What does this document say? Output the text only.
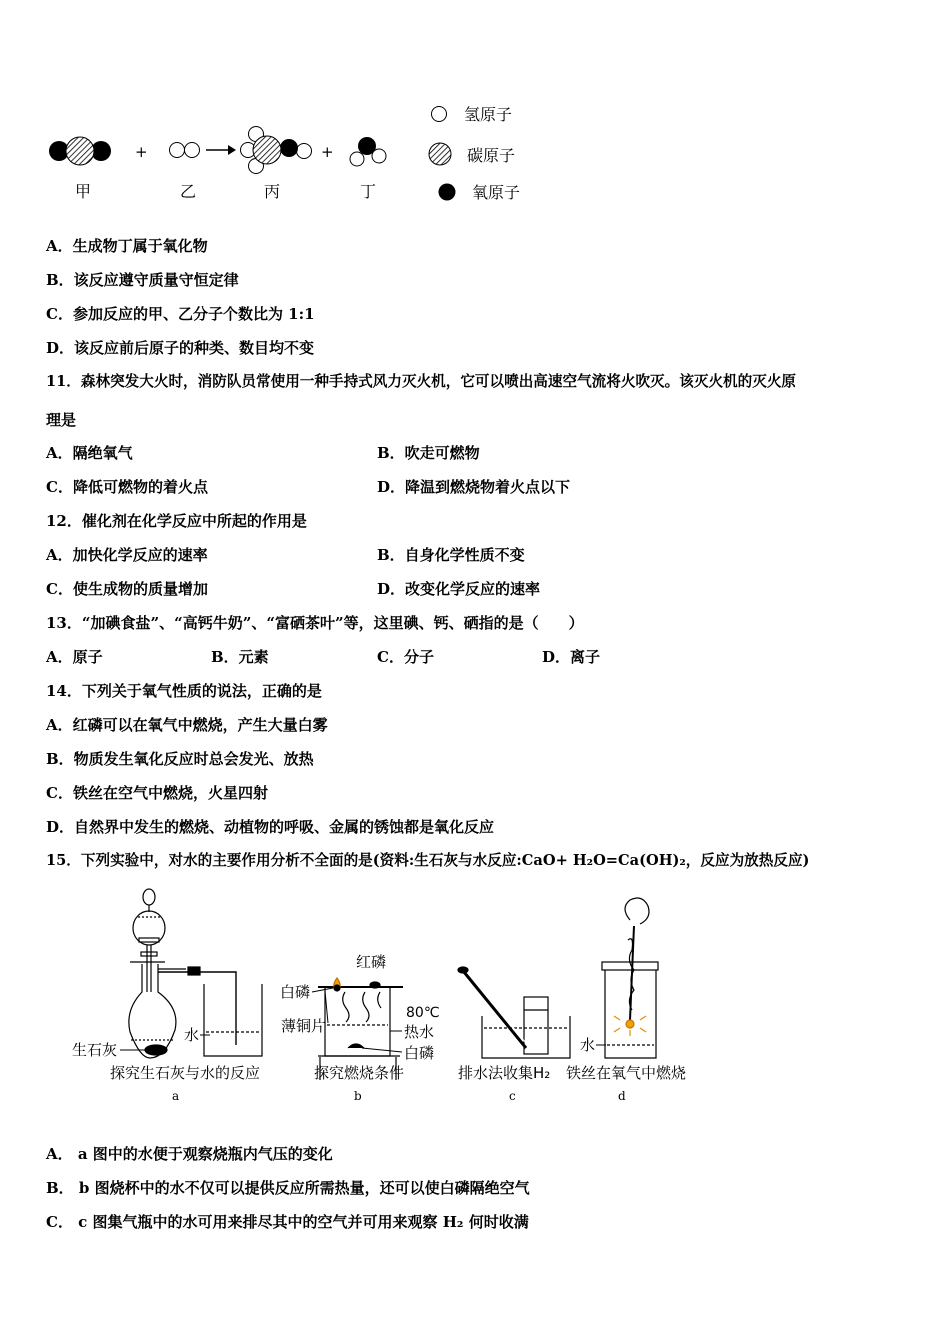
+	+
甲	乙	丙	丁
氢原子
碳原子
氧原子
A．生成物丁属于氧化物
B．该反应遵守质量守恒定律
C．参加反应的甲、乙分子个数比为 1:1
D．该反应前后原子的种类、数目均不变
11．森林突发大火时，消防队员常使用一种手持式风力灭火机，它可以喷出高速空气流将火吹灭。该灭火机的灭火原
理是
A．隔绝氧气	B．吹走可燃物
C．降低可燃物的着火点	D．降温到燃烧物着火点以下
12．催化剂在化学反应中所起的作用是
A．加快化学反应的速率	B．自身化学性质不变
C．使生成物的质量增加	D．改变化学反应的速率
13．“加碘食盐”、“高钙牛奶”、“富硒茶叶”等，这里碘、钙、硒指的是（　　）
A．原子	B．元素	C．分子	D．离子
14．下列关于氧气性质的说法，正确的是
A．红磷可以在氧气中燃烧，产生大量白雾
B．物质发生氧化反应时总会发光、放热
C．铁丝在空气中燃烧，火星四射
D．自然界中发生的燃烧、动植物的呼吸、金属的锈蚀都是氧化反应
15．下列实验中，对水的主要作用分析不全面的是(资料:生石灰与水反应:CaO+ H₂O=Ca(OH)₂，反应为放热反应)
生石灰
水
探究生石灰与水的反应
a
红磷
白磷
薄铜片
80℃
热水
白磷
探究燃烧条件
b
排水法收集H₂
c
水
铁丝在氧气中燃烧
d
A． a 图中的水便于观察烧瓶内气压的变化
B． b 图烧杯中的水不仅可以提供反应所需热量，还可以使白磷隔绝空气
C． c 图集气瓶中的水可用来排尽其中的空气并可用来观察 H₂ 何时收满
